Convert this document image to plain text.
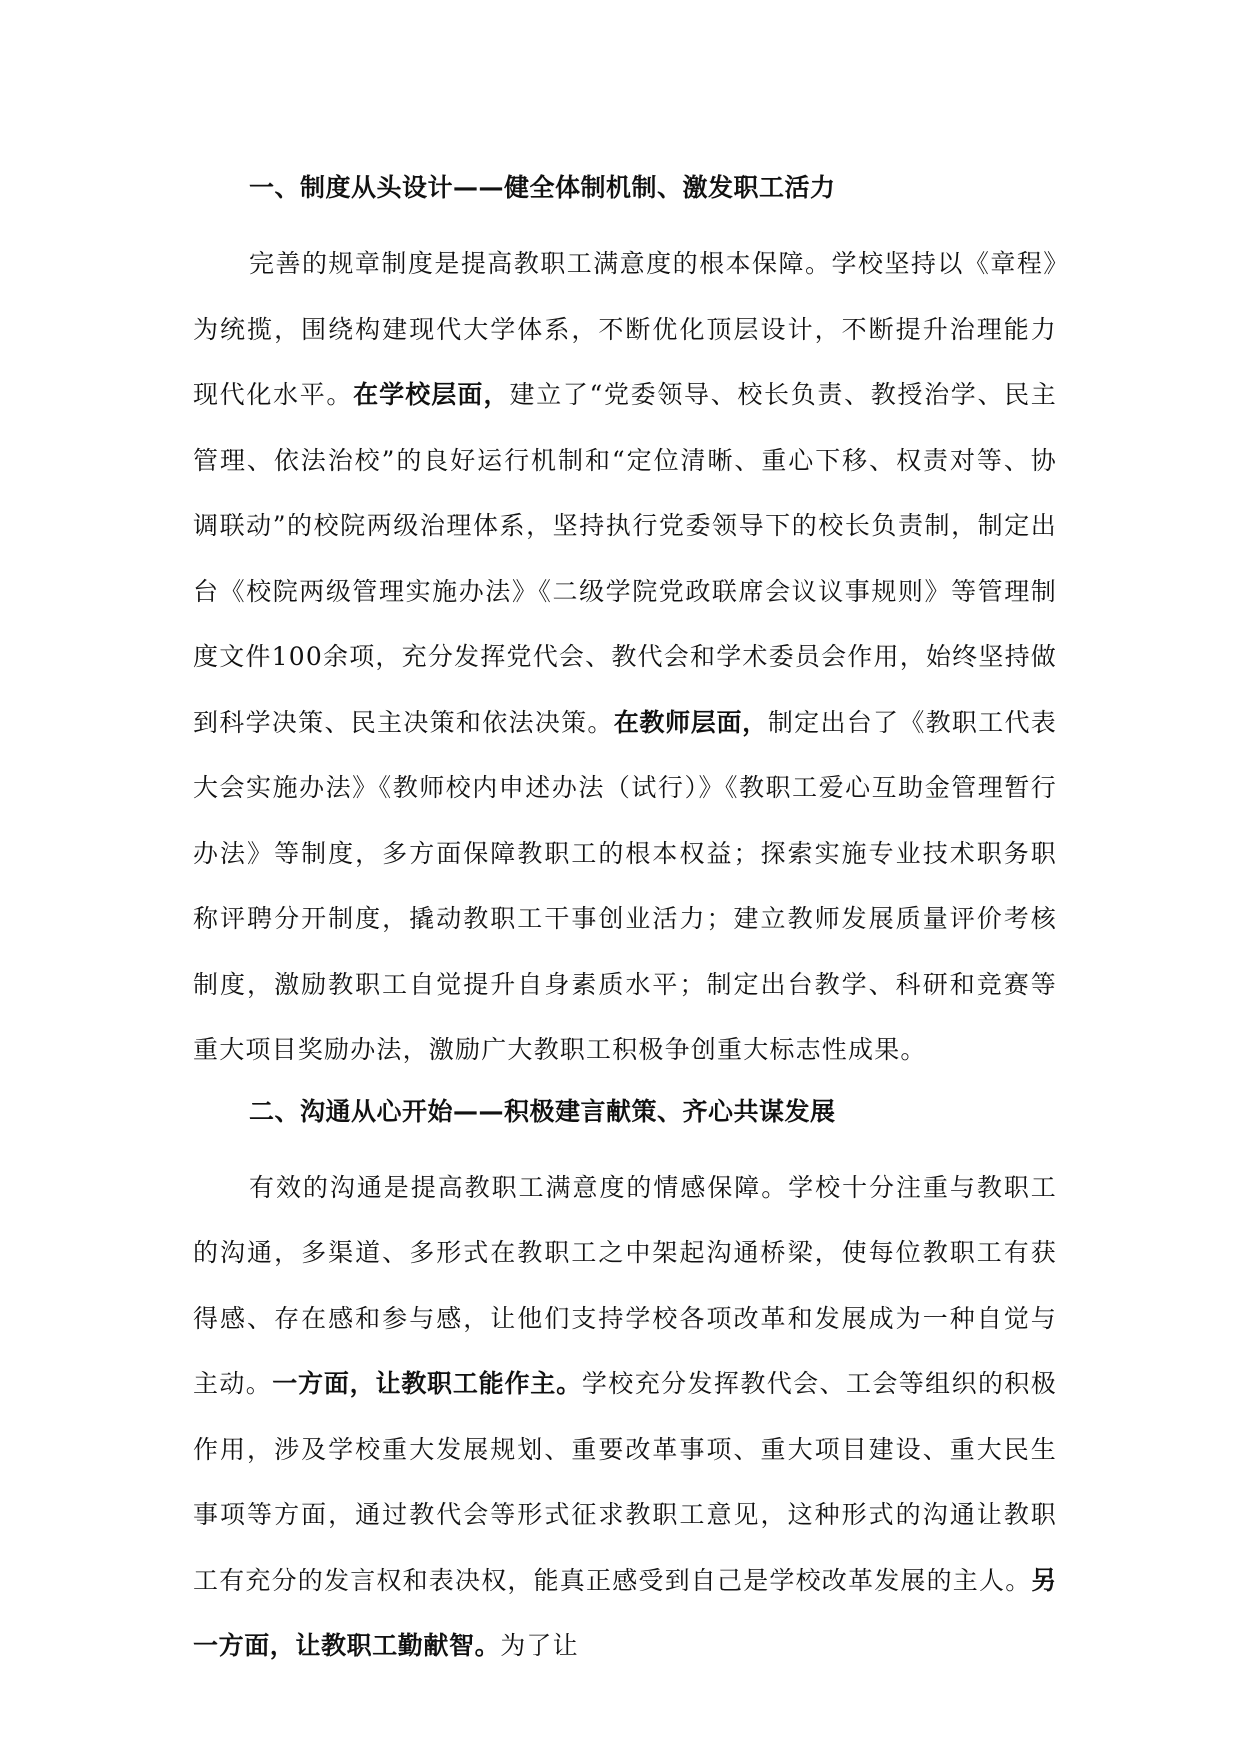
一、制度从头设计——健全体制机制、激发职工活力

完善的规章制度是提高教职工满意度的根本保障。学校坚持以《章程》为统揽，围绕构建现代大学体系，不断优化顶层设计，不断提升治理能力现代化水平。在学校层面，建立了“党委领导、校长负责、教授治学、民主管理、依法治校”的良好运行机制和“定位清晰、重心下移、权责对等、协调联动”的校院两级治理体系，坚持执行党委领导下的校长负责制，制定出台《校院两级管理实施办法》《二级学院党政联席会议议事规则》等管理制度文件100余项，充分发挥党代会、教代会和学术委员会作用，始终坚持做到科学决策、民主决策和依法决策。在教师层面，制定出台了《教职工代表大会实施办法》《教师校内申述办法（试行）》《教职工爱心互助金管理暂行办法》等制度，多方面保障教职工的根本权益；探索实施专业技术职务职称评聘分开制度，撬动教职工干事创业活力；建立教师发展质量评价考核制度，激励教职工自觉提升自身素质水平；制定出台教学、科研和竞赛等重大项目奖励办法，激励广大教职工积极争创重大标志性成果。

二、沟通从心开始——积极建言献策、齐心共谋发展

有效的沟通是提高教职工满意度的情感保障。学校十分注重与教职工的沟通，多渠道、多形式在教职工之中架起沟通桥梁，使每位教职工有获得感、存在感和参与感，让他们支持学校各项改革和发展成为一种自觉与主动。一方面，让教职工能作主。学校充分发挥教代会、工会等组织的积极作用，涉及学校重大发展规划、重要改革事项、重大项目建设、重大民生事项等方面，通过教代会等形式征求教职工意见，这种形式的沟通让教职工有充分的发言权和表决权，能真正感受到自己是学校改革发展的主人。另一方面，让教职工勤献智。为了让
